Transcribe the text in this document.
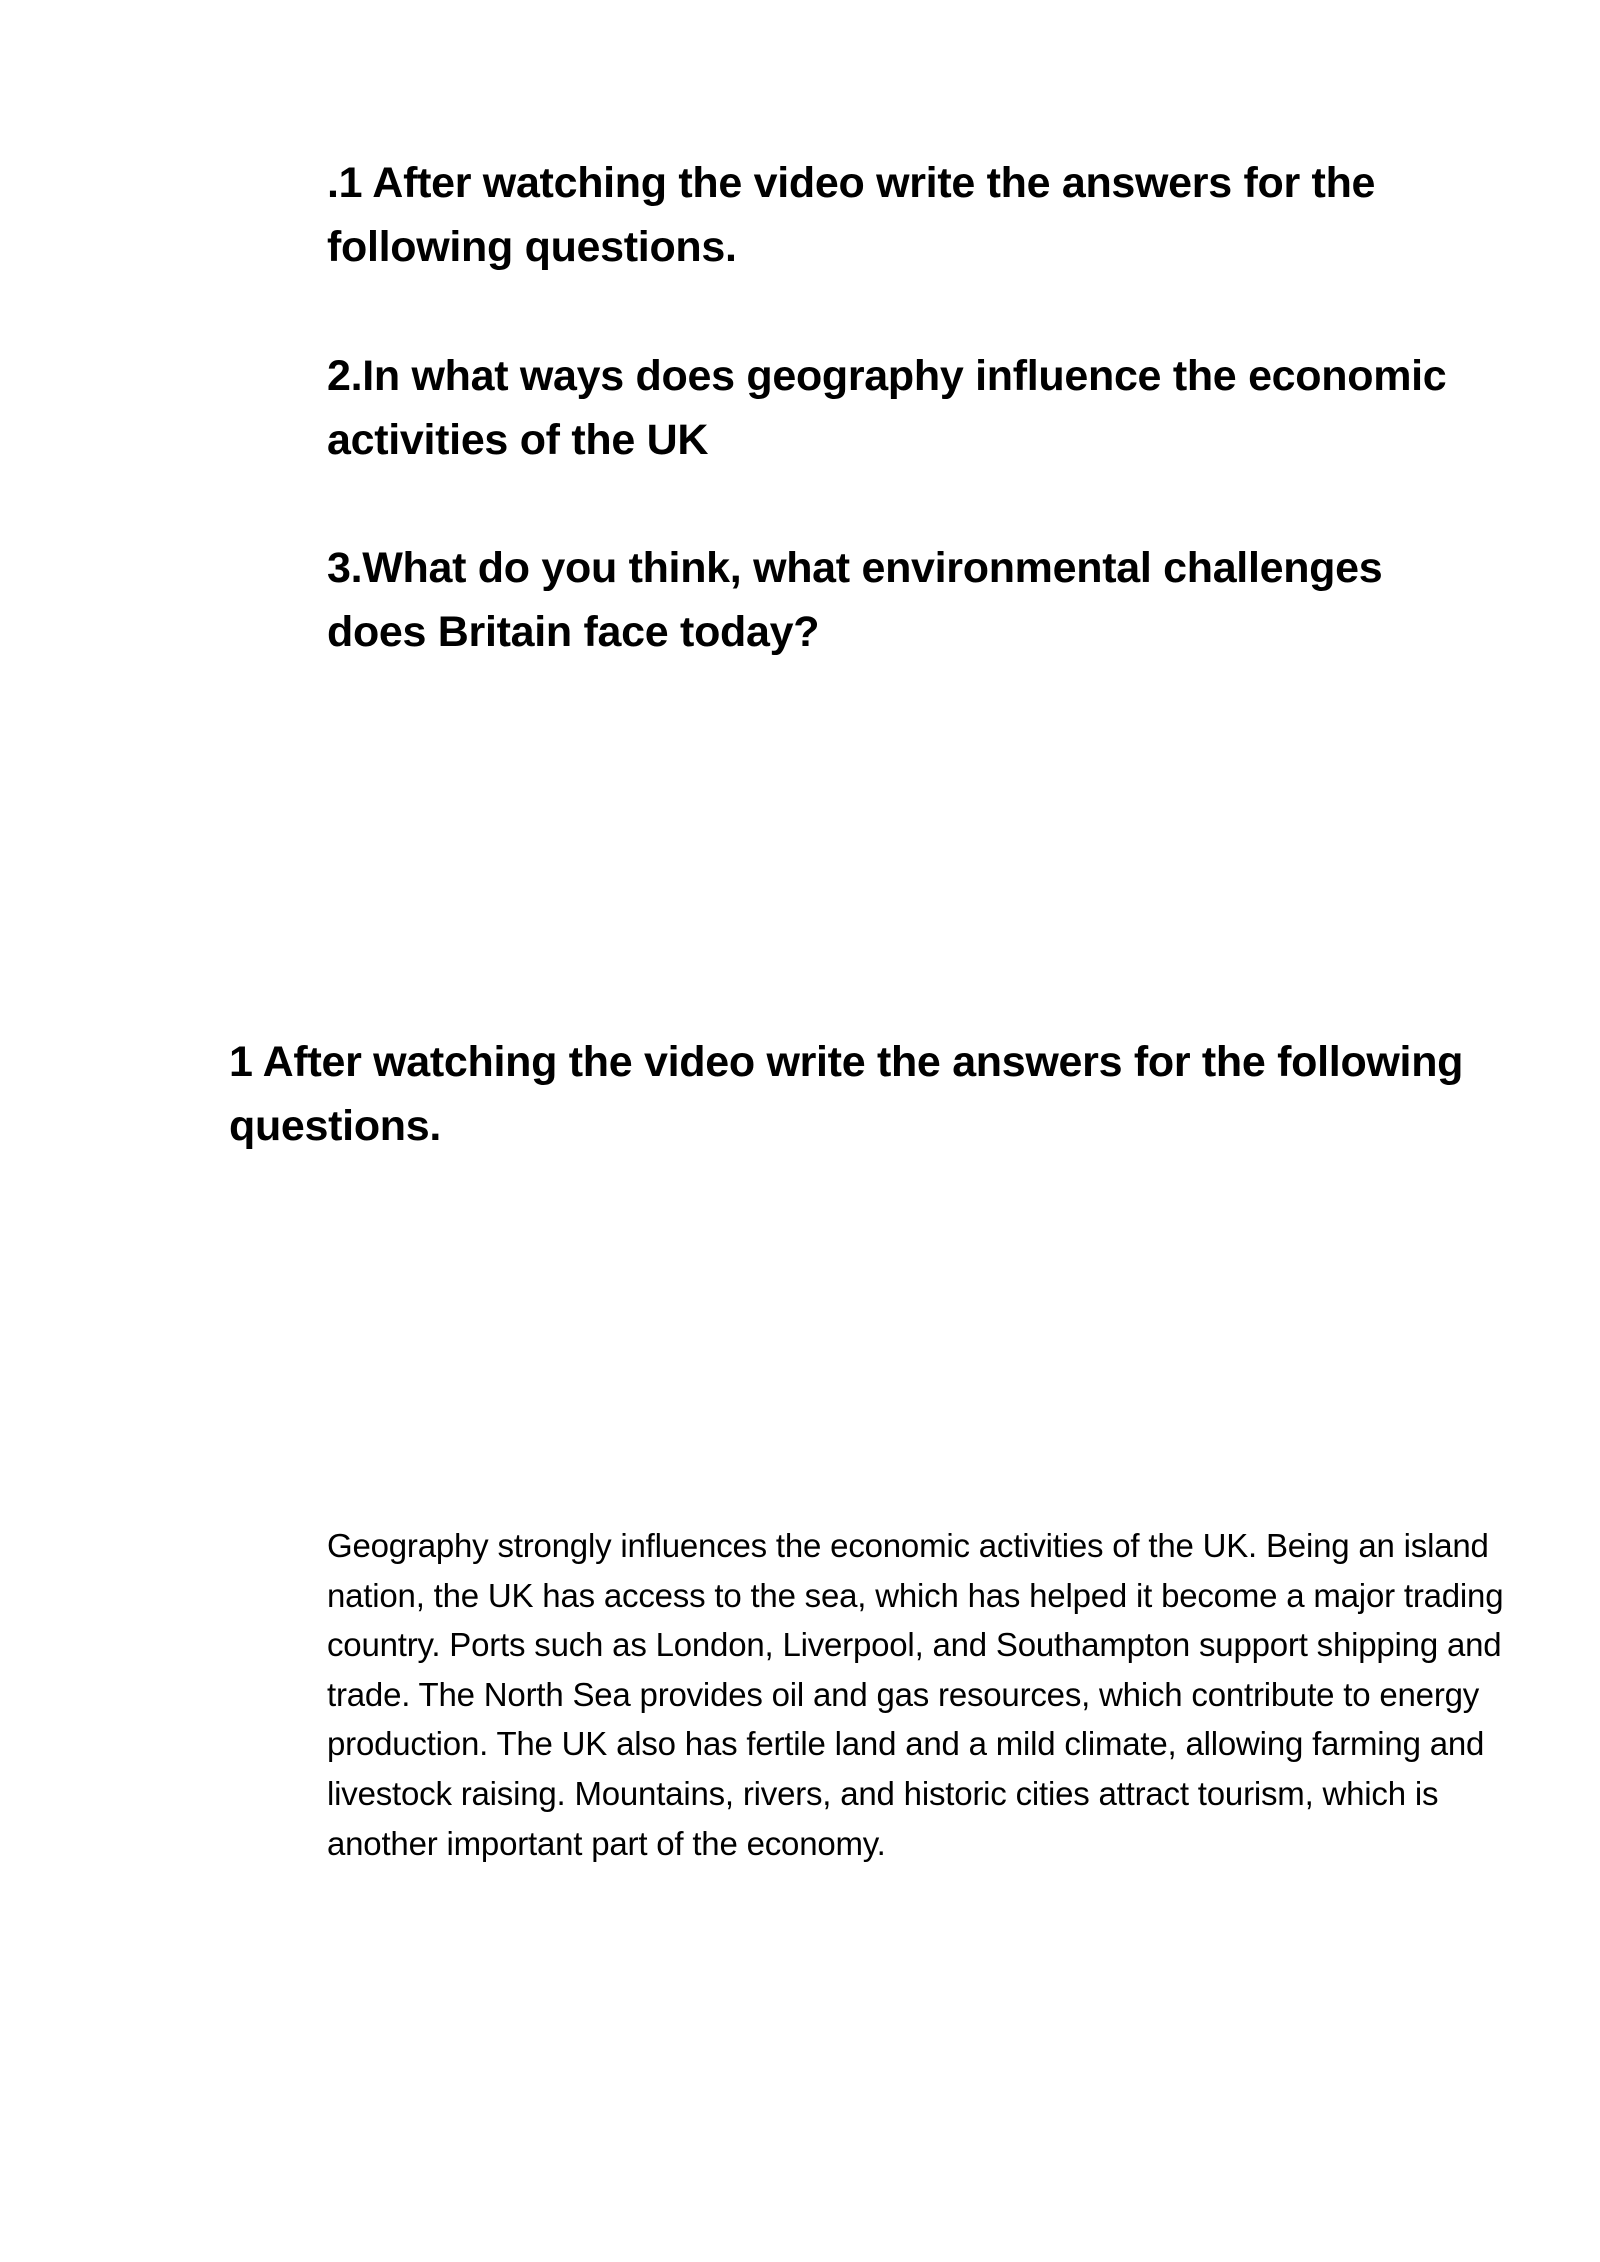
.1 After watching the video write the answers for the following questions.

2.In what ways does geography influence the economic activities of the UK

3.What do you think, what environmental challenges does Britain face today?

1 After watching the video write the answers for the following questions.

Geography strongly influences the economic activities of the UK. Being an island nation, the UK has access to the sea, which has helped it become a major trading country. Ports such as London, Liverpool, and Southampton support shipping and trade. The North Sea provides oil and gas resources, which contribute to energy production. The UK also has fertile land and a mild climate, allowing farming and livestock raising. Mountains, rivers, and historic cities attract tourism, which is another important part of the economy.
